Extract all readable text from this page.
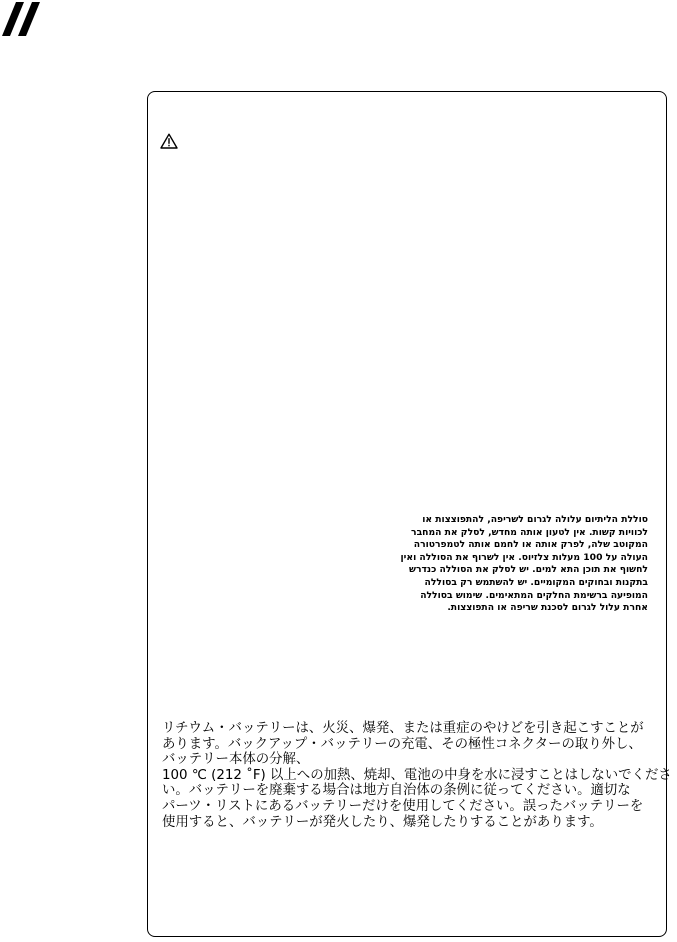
סוללת הליתיום עלולה לגרום לשריפה, להתפוצצות או
לכוויות קשות. אין לטעון אותה מחדש, לסלק את המחבר
המקוטב שלה, לפרק אותה או לחמם אותה לטמפרטורה
העולה על 100 מעלות צלזיוס. אין לשרוף את הסוללה ואין
לחשוף את תוכן התא למים. יש לסלק את הסוללה כנדרש
בתקנות ובחוקים המקומיים. יש להשתמש רק בסוללה
המופיעה ברשימת החלקים המתאימים. שימוש בסוללה
אחרת עלול לגרום לסכנת שריפה או התפוצצות.
リチウム・バッテリーは、火災、爆発、または重症のやけどを引き起こすことが
あります。バックアップ・バッテリーの充電、その極性コネクターの取り外し、
バッテリー本体の分解、
100 ℃ (212 ˚F) 以上への加熱、焼却、電池の中身を水に浸すことはしないでくださ
い。バッテリーを廃棄する場合は地方自治体の条例に従ってください。適切な
パーツ・リストにあるバッテリーだけを使用してください。誤ったバッテリーを
使用すると、バッテリーが発火したり、爆発したりすることがあります。
